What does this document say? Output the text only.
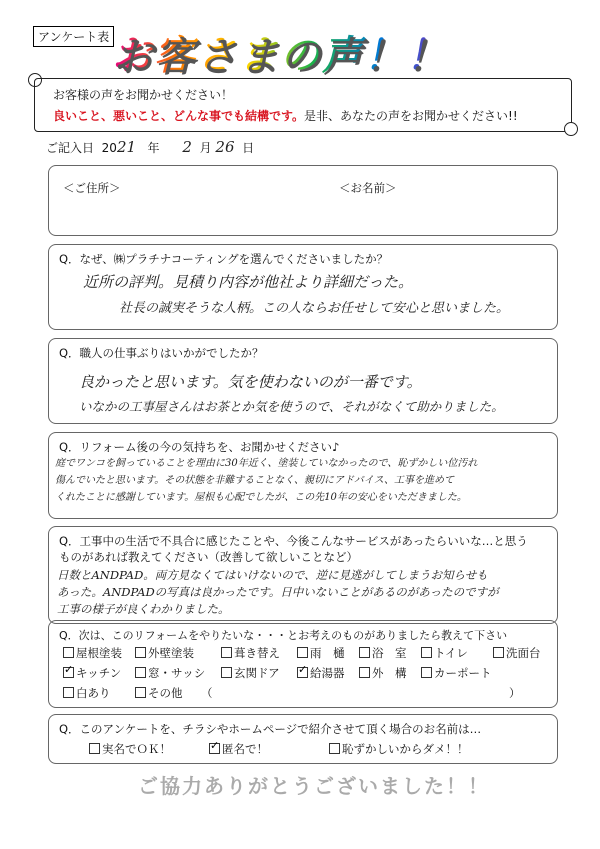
アンケート表 お客さまの声！！
お客様の声をお聞かせください！
良いこと、悪いこと、どんな事でも結構です。是非、あなたの声をお聞かせください!!
ご記入日 2021 年 2 月 26 日
＜ご住所＞	＜お名前＞
Q．なぜ、㈱プラチナコーティングを選んでくださいましたか？
近所の評判。見積り内容が他社より詳細だった。
社長の誠実そうな人柄。この人ならお任せして安心と思いました。
Q．職人の仕事ぶりはいかがでしたか？
良かったと思います。気を使わないのが一番です。
いなかの工事屋さんはお茶とか気を使うので、それがなくて助かりました。
Q．リフォーム後の今の気持ちを、お聞かせください♪
庭でワンコを飼っていることを理由に30年近く、塗装していなかったので、恥ずかしい位汚れ
傷んでいたと思います。その状態を非難することなく、親切にアドバイス、工事を進めて
くれたことに感謝しています。屋根も心配でしたが、この先10年の安心をいただきました。
Q．工事中の生活で不具合に感じたことや、今後こんなサービスがあったらいいな…と思う
ものがあれば教えてください（改善して欲しいことなど）
日数とANDPAD。両方見なくてはいけないので、逆に見逃がしてしまうお知らせも
あった。ANDPADの写真は良かったです。日中いないことがあるのがあったのですが
工事の様子が良くわかりました。
Q．次は、このリフォームをやりたいな・・・とお考えのものがありましたら教えて下さい
屋根塗装	外壁塗装	葺き替え	雨　樋	浴　室	トイレ	洗面台
✓キッチン	窓・サッシ	玄関ドア ✓	給湯器	外　構	カーポート
白あり	その他 （	）
Q．このアンケートを、チラシやホームページで紹介させて頂く場合のお名前は…
実名でＯＫ！ ✓	匿名で！	恥ずかしいからダメ！！
ご協力ありがとうございました！！
